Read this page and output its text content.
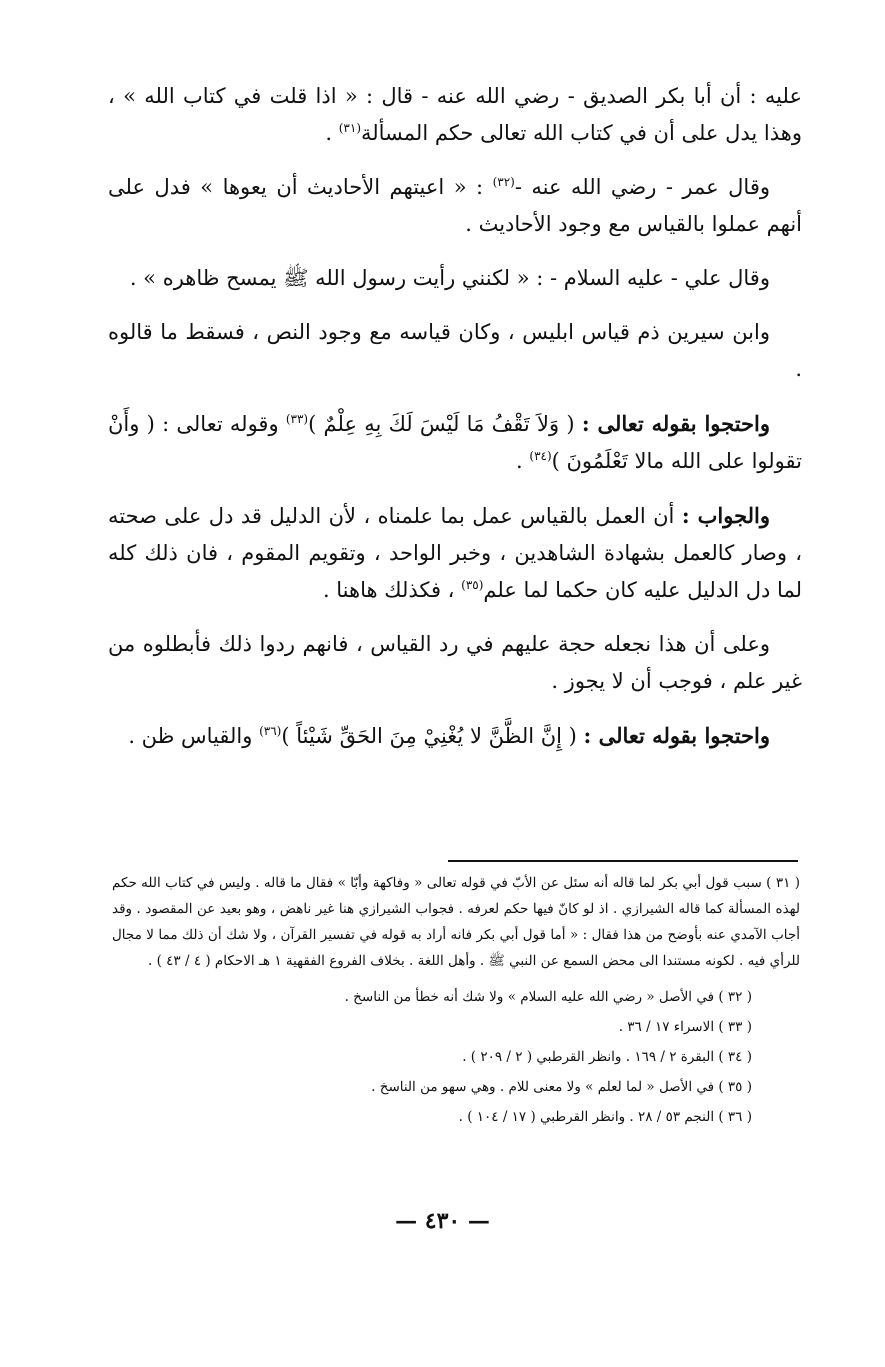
عليه : أن أبا بكر الصديق - رضي الله عنه - قال : « اذا قلت في كتاب الله » ، وهذا يدل على أن في كتاب الله تعالى حكم المسألة$^{(٣١)}$ .

وقال عمر - رضي الله عنه -$^{(٣٢)}$ : « اعيتهم الأحاديث أن يعوها » فدل على أنهم عملوا بالقياس مع وجود الأحاديث .

وقال علي - عليه السلام - : « لكنني رأيت رسول الله ﷺ يمسح ظاهره » .

وابن سيرين ذم قياس ابليس ، وكان قياسه مع وجود النص ، فسقط ما قالوه .

واحتجوا بقوله تعالى : ( وَلاَ تَقْفُ مَا لَيْسَ لَكَ بِهِ عِلْمٌ )$^{(٣٣)}$ وقوله تعالى : ( وأَنْ تقولوا على الله مالا تَعْلَمُونَ )$^{(٣٤)}$ .

والجواب : أن العمل بالقياس عمل بما علمناه ، لأن الدليل قد دل على صحته ، وصار كالعمل بشهادة الشاهدين ، وخبر الواحد ، وتقويم المقوم ، فان ذلك كله لما دل الدليل عليه كان حكما لما علم$^{(٣٥)}$ ، فكذلك هاهنا .

وعلى أن هذا نجعله حجة عليهم في رد القياس ، فانهم ردوا ذلك فأبطلوه من غير علم ، فوجب أن لا يجوز .

واحتجوا بقوله تعالى : ( إِنَّ الظَّنَّ لا يُغْنِيْ مِنَ الحَقِّ شَيْئاً )$^{(٣٦)}$ والقياس ظن .

( ٣١ ) سبب قول أبي بكر لما قاله أنه سئل عن الأبّ في قوله تعالى « وفاكهة وأبّا » فقال ما قاله . وليس في كتاب الله حكم لهذه المسألة كما قاله الشيرازي . اذ لو كانّ فيها حكم لعرفه . فجواب الشيرازي هنا غير ناهض ، وهو بعيد عن المقصود . وقد أجاب الآمدي عنه بأوضح من هذا فقال : « أما قول أبي بكر فانه أراد به قوله في تفسير القرآن ، ولا شك أن ذلك مما لا مجال للرأي فيه . لكونه مستندا الى محض السمع عن النبي ﷺ . وأهل اللغة . بخلاف الفروع الفقهية ١ هـ الاحكام ( ٤ / ٤٣ ) .

( ٣٢ ) في الأصل « رضي الله عليه السلام » ولا شك أنه خطأ من الناسخ .

( ٣٣ ) الاسراء ١٧ / ٣٦ .

( ٣٤ ) البقرة ٢ / ١٦٩ . وانظر القرطبي ( ٢ / ٢٠٩ ) .

( ٣٥ ) في الأصل « لما لعلم » ولا معنى للام . وهي سهو من الناسخ .

( ٣٦ ) النجم ٥٣ / ٢٨ . وانظر القرطبي ( ١٧ / ١٠٤ ) .

— ٤٣٠ —
